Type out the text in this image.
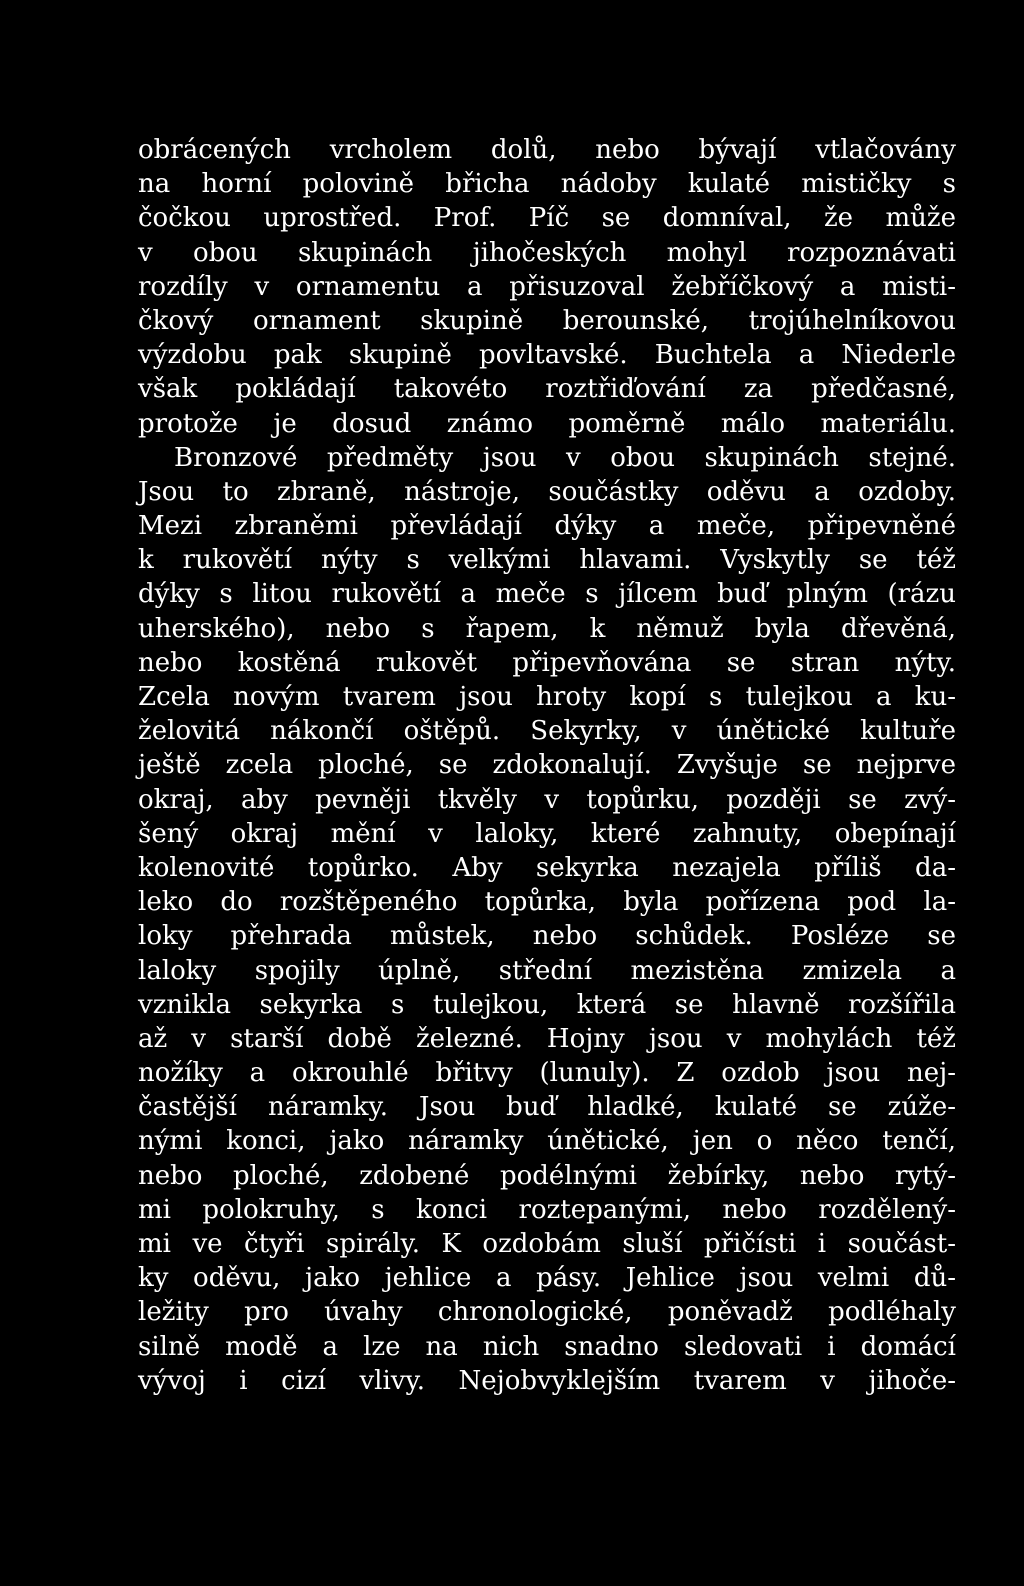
obrácených vrcholem dolů, nebo bývají vtlačovány
na horní polovině břicha nádoby kulaté mističky s
čočkou uprostřed. Prof. Píč se domníval, že může
v obou skupinách jihočeských mohyl rozpoznávati
rozdíly v ornamentu a přisuzoval žebříčkový a misti-
čkový ornament skupině berounské, trojúhelníkovou
výzdobu pak skupině povltavské. Buchtela a Niederle
však pokládají takovéto roztřiďování za předčasné,
protože je dosud známo poměrně málo materiálu.
Bronzové předměty jsou v obou skupinách stejné.
Jsou to zbraně, nástroje, součástky oděvu a ozdoby.
Mezi zbraněmi převládají dýky a meče, připevněné
k rukovětí nýty s velkými hlavami. Vyskytly se též
dýky s litou rukovětí a meče s jílcem buď plným (rázu
uherského), nebo s řapem, k němuž byla dřevěná,
nebo kostěná rukovět připevňována se stran nýty.
Zcela novým tvarem jsou hroty kopí s tulejkou a ku-
želovitá nákončí oštěpů. Sekyrky, v únětické kultuře
ještě zcela ploché, se zdokonalují. Zvyšuje se nejprve
okraj, aby pevněji tkvěly v topůrku, později se zvý-
šený okraj mění v laloky, které zahnuty, obepínají
kolenovité topůrko. Aby sekyrka nezajela příliš da-
leko do rozštěpeného topůrka, byla pořízena pod la-
loky přehrada můstek, nebo schůdek. Posléze se
laloky spojily úplně, střední mezistěna zmizela a
vznikla sekyrka s tulejkou, která se hlavně rozšířila
až v starší době železné. Hojny jsou v mohylách též
nožíky a okrouhlé břitvy (lunuly). Z ozdob jsou nej-
častější náramky. Jsou buď hladké, kulaté se zúže-
nými konci, jako náramky únětické, jen o něco tenčí,
nebo ploché, zdobené podélnými žebírky, nebo rytý-
mi polokruhy, s konci roztepanými, nebo rozdělený-
mi ve čtyři spirály. K ozdobám sluší přičísti i součást-
ky oděvu, jako jehlice a pásy. Jehlice jsou velmi dů-
ležity pro úvahy chronologické, poněvadž podléhaly
silně modě a lze na nich snadno sledovati i domácí
vývoj i cizí vlivy. Nejobvyklejším tvarem v jihoče-
